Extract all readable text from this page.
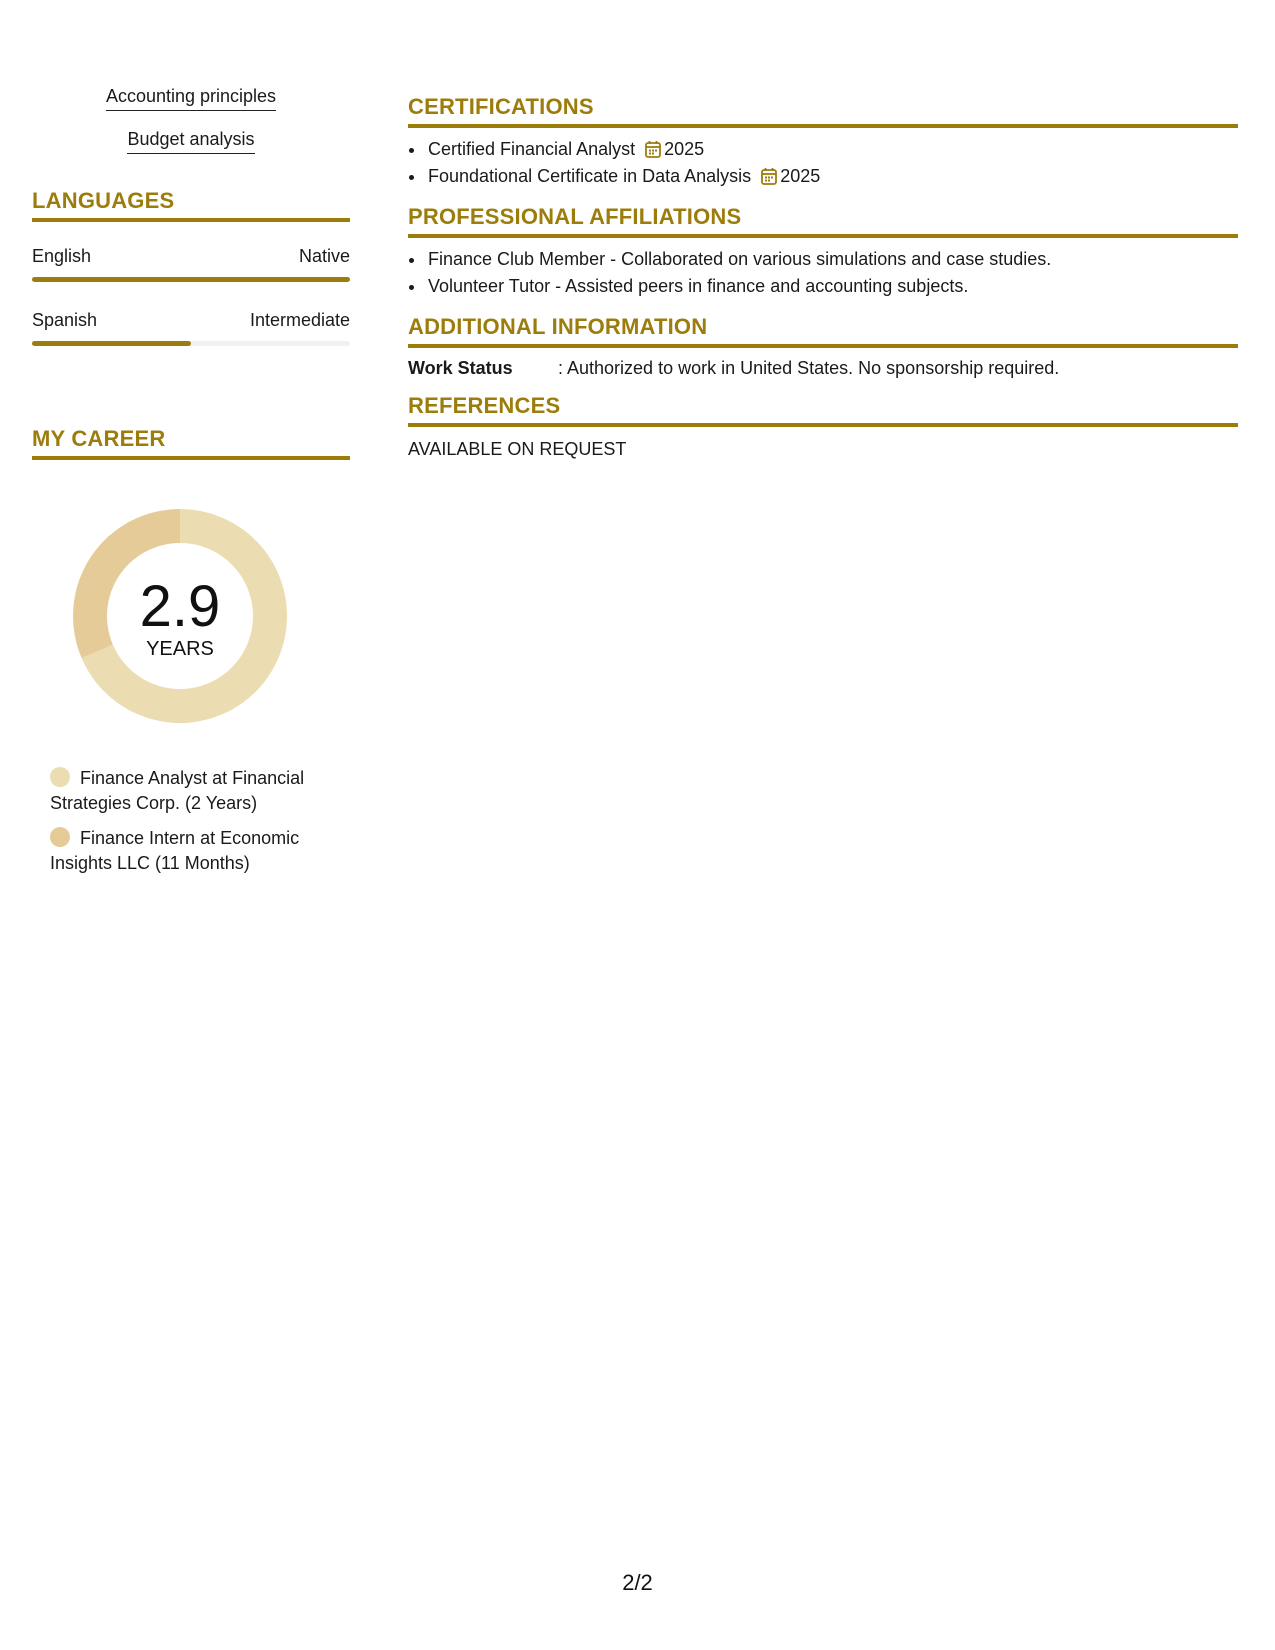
Accounting principles
Budget analysis
LANGUAGES
English	Native
Spanish	Intermediate
MY CAREER
2.9
YEARS
Finance Analyst at Financial Strategies Corp. (2 Years)
Finance Intern at Economic Insights LLC (11 Months)
CERTIFICATIONS
• Certified Financial Analyst 2025
• Foundational Certificate in Data Analysis 2025
PROFESSIONAL AFFILIATIONS
• Finance Club Member - Collaborated on various simulations and case studies.
• Volunteer Tutor - Assisted peers in finance and accounting subjects.
ADDITIONAL INFORMATION
Work Status	: Authorized to work in United States. No sponsorship required.
REFERENCES
AVAILABLE ON REQUEST
2/2
